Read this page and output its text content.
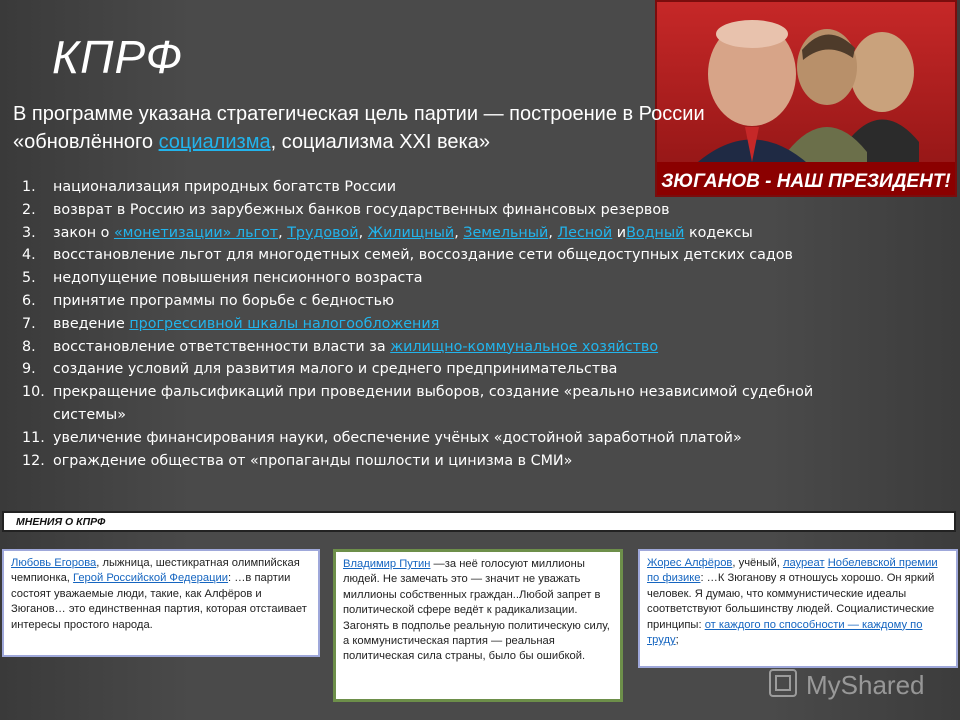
КПРФ
ЗЮГАНОВ - НАШ ПРЕЗИДЕНТ!
В программе указана стратегическая цель партии — построение в России
«обновлённого социализма, социализма XXI века»
1.	национализация природных богатств России
2.	возврат в Россию из зарубежных банков государственных финансовых резервов
3.	закон о «монетизации» льгот, Трудовой, Жилищный, Земельный, Лесной иВодный кодексы
4.	восстановление льгот для многодетных семей, воссоздание сети общедоступных детских садов
5.	недопущение повышения пенсионного возраста
6.	принятие программы по борьбе с бедностью
7.	введение прогрессивной шкалы налогообложения
8.	восстановление ответственности власти за жилищно-коммунальное хозяйство
9.	создание условий для развития малого и среднего предпринимательства
10. прекращение фальсификаций при проведении выборов, создание «реально независимой судебной системы»
11. увеличение финансирования науки, обеспечение учёных «достойной заработной платой»
12. ограждение общества от «пропаганды пошлости и цинизма в СМИ»
МНЕНИЯ О КПРФ
Любовь Егорова, лыжница, шестикратная олимпийская чемпионка, Герой Российской Федерации: …в партии состоят уважаемые люди, такие, как Алфёров и Зюганов… это единственная партия, которая отстаивает интересы простого народа.
Владимир Путин —за неё голосуют миллионы людей. Не замечать это — значит не уважать миллионы собственных граждан..Любой запрет в политической сфере ведёт к радикализации. Загонять в подполье реальную политическую силу, а коммунистическая партия — реальная политическая сила страны, было бы ошибкой.
Жорес Алфёров, учёный, лауреат Нобелевской премии по физике: …К Зюганову я отношусь хорошо. Он яркий человек. Я думаю, что коммунистические идеалы соответствуют большинству людей. Социалистические принципы: от каждого по способности — каждому по труду;
MyShared
